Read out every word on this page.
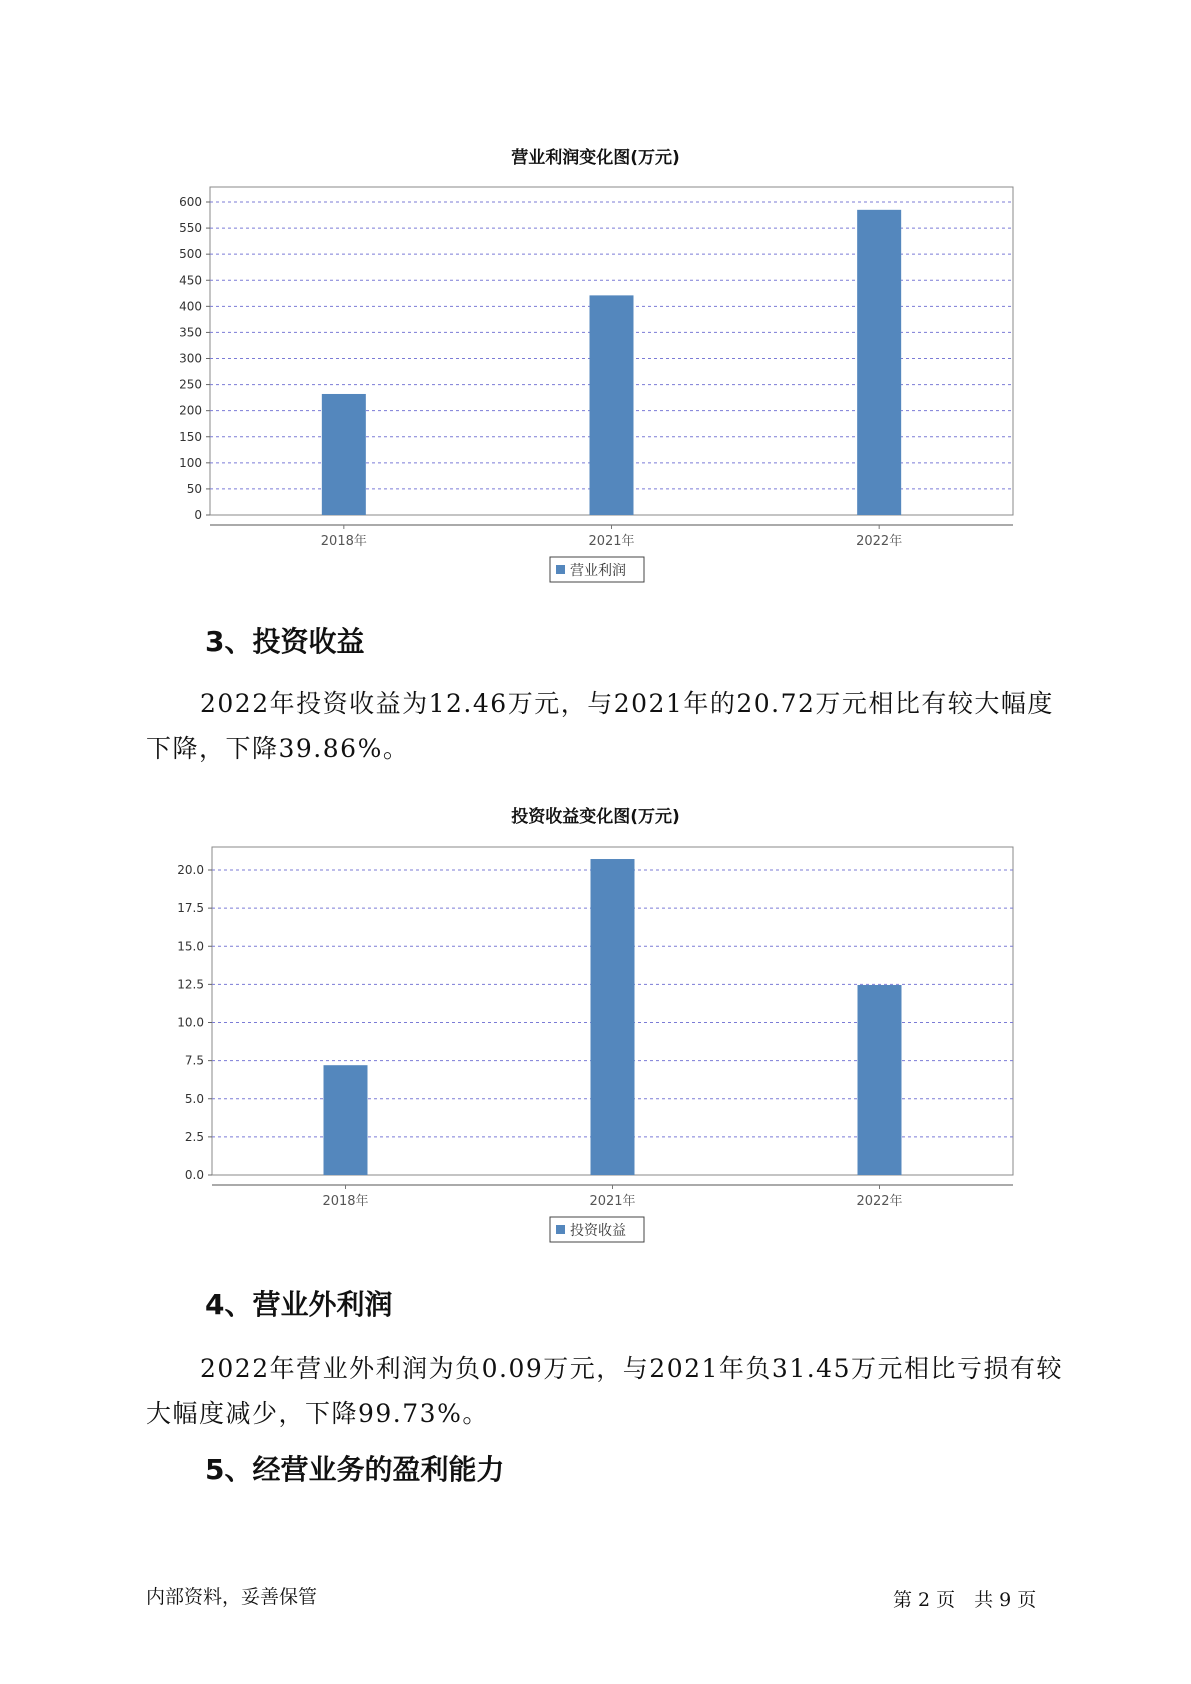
营业利润变化图(万元)
0
50
100
150
200
250
300
350
400
450
500
550
600
2018年	2021年	2022年
营业利润
3、投资收益
2022年投资收益为12.46万元，与2021年的20.72万元相比有较大幅度
下降，下降39.86%。
投资收益变化图(万元)
0.0
2.5
5.0
7.5
10.0
12.5
15.0
17.5
20.0
2018年	2021年	2022年
投资收益
4、营业外利润
2022年营业外利润为负0.09万元，与2021年负31.45万元相比亏损有较
大幅度减少，下降99.73%。
5、经营业务的盈利能力
内部资料，妥善保管	第 2 页　共 9 页
